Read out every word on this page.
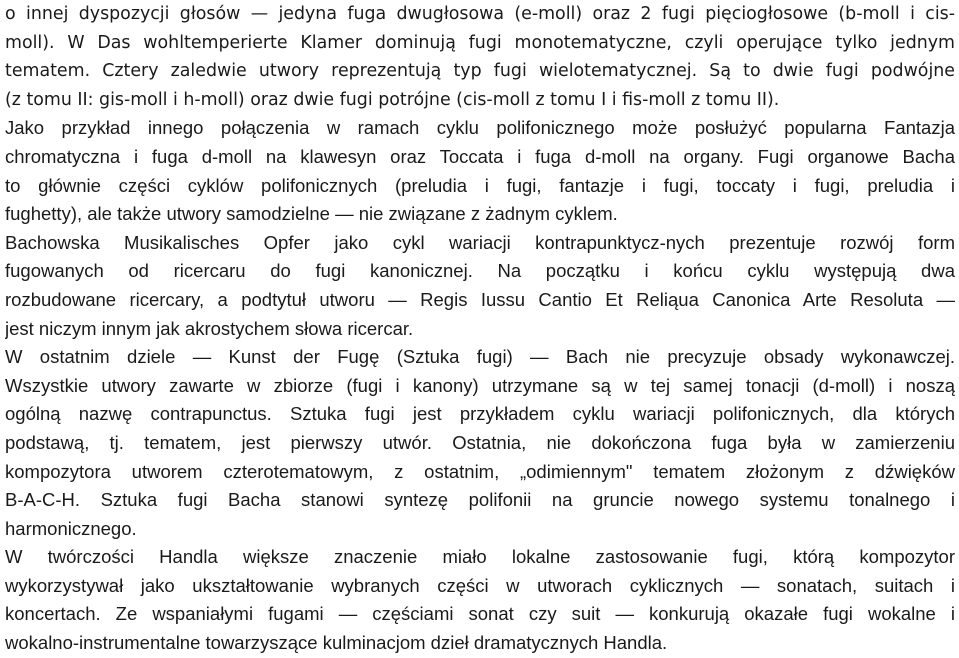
o innej dyspozycji głosów — jedyna fuga dwugłosowa (e-moll) oraz 2 fugi pięciogłosowe (b-moll i cis-
moll). W Das wohltemperierte Klamer dominują fugi monotematyczne, czyli operujące tylko jednym
tematem. Cztery zaledwie utwory reprezentują typ fugi wielotematycznej. Są to dwie fugi podwójne
(z tomu II: gis-moll i h-moll) oraz dwie fugi potrójne (cis-moll z tomu I i fis-moll z tomu II).
Jako przykład innego połączenia w ramach cyklu polifonicznego może posłużyć popularna Fantazja
chromatyczna i fuga d-moll na klawesyn oraz Toccata i fuga d-moll na organy. Fugi organowe Bacha
to głównie części cyklów polifonicznych (preludia i fugi, fantazje i fugi, toccaty i fugi, preludia i
fughetty), ale także utwory samodzielne — nie związane z żadnym cyklem.
Bachowska Musikalisches Opfer jako cykl wariacji kontrapunktycz-nych prezentuje rozwój form
fugowanych od ricercaru do fugi kanonicznej. Na początku i końcu cyklu występują dwa
rozbudowane ricercary, a podtytuł utworu — Regis Iussu Cantio Et Reliąua Canonica Arte Resoluta —
jest niczym innym jak akrostychem słowa ricercar.
W ostatnim dziele — Kunst der Fugę (Sztuka fugi) — Bach nie precyzuje obsady wykonawczej.
Wszystkie utwory zawarte w zbiorze (fugi i kanony) utrzymane są w tej samej tonacji (d-moll) i noszą
ogólną nazwę contrapunctus. Sztuka fugi jest przykładem cyklu wariacji polifonicznych, dla których
podstawą, tj. tematem, jest pierwszy utwór. Ostatnia, nie dokończona fuga była w zamierzeniu
kompozytora utworem czterotematowym, z ostatnim, „odimiennym" tematem złożonym z dźwięków
B-A-C-H. Sztuka fugi Bacha stanowi syntezę polifonii na gruncie nowego systemu tonalnego i
harmonicznego.
W twórczości Handla większe znaczenie miało lokalne zastosowanie fugi, którą kompozytor
wykorzystywał jako ukształtowanie wybranych części w utworach cyklicznych — sonatach, suitach i
koncertach. Ze wspaniałymi fugami — częściami sonat czy suit — konkurują okazałe fugi wokalne i
wokalno-instrumentalne towarzyszące kulminacjom dzieł dramatycznych Handla.
